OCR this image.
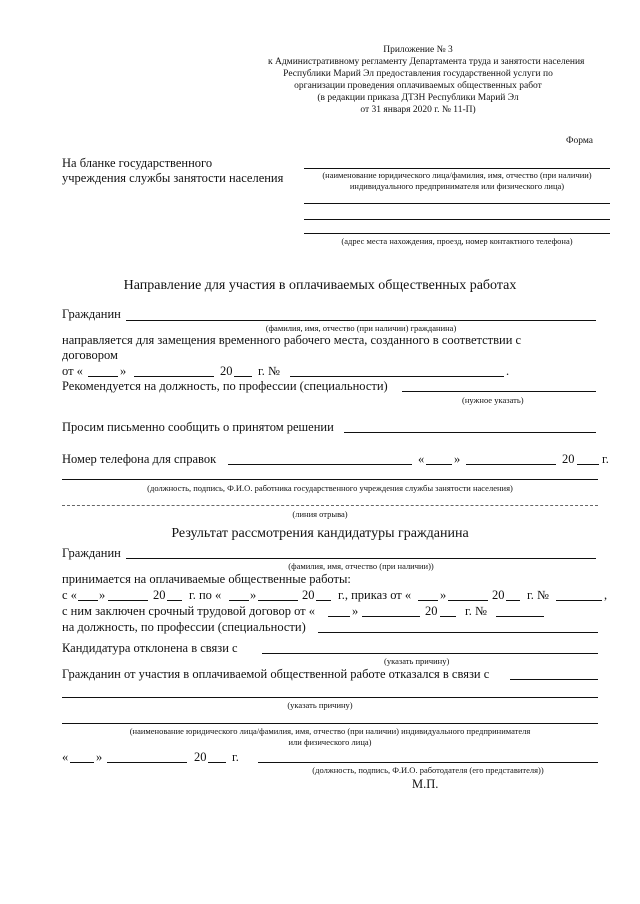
Приложение № 3
к Административному регламенту Департамента труда и занятости населения
Республики Марий Эл предоставления государственной услуги по
организации проведения оплачиваемых общественных работ
(в редакции приказа ДТЗН Республики Марий Эл
от 31 января 2020 г. № 11-П)
Форма
На бланке государственного
учреждения службы занятости населения	(наименование юридического лица/фамилия, имя, отчество (при наличии)
индивидуального предпринимателя или физического лица)
(адрес места нахождения, проезд, номер контактного телефона)
Направление для участия в оплачиваемых общественных работах
Гражданин
(фамилия, имя, отчество (при наличии) гражданина)
направляется для замещения временного рабочего места, созданного в соответствии с
договором
от «	»	20 г. №	.
Рекомендуется на должность, по профессии (специальности)
(нужное указать)
Просим письменно сообщить о принятом решении
Номер телефона для справок	« »	20 г.
(должность, подпись, Ф.И.О. работника государственного учреждения службы занятости населения)
(линия отрыва)
Результат рассмотрения кандидатуры гражданина
Гражданин
(фамилия, имя, отчество (при наличии))
принимается на оплачиваемые общественные работы:
с « »	20 г. по « »	20 г., приказ от « »	20 г. №	,
с ним заключен срочный трудовой договор от «	»	20 г. №
на должность, по профессии (специальности)
Кандидатура отклонена в связи с
(указать причину)
Гражданин от участия в оплачиваемой общественной работе отказался в связи с
(указать причину)
(наименование юридического лица/фамилия, имя, отчество (при наличии) индивидуального предпринимателя
или физического лица)
« »	20 г.
(должность, подпись, Ф.И.О. работодателя (его представителя))
М.П.
